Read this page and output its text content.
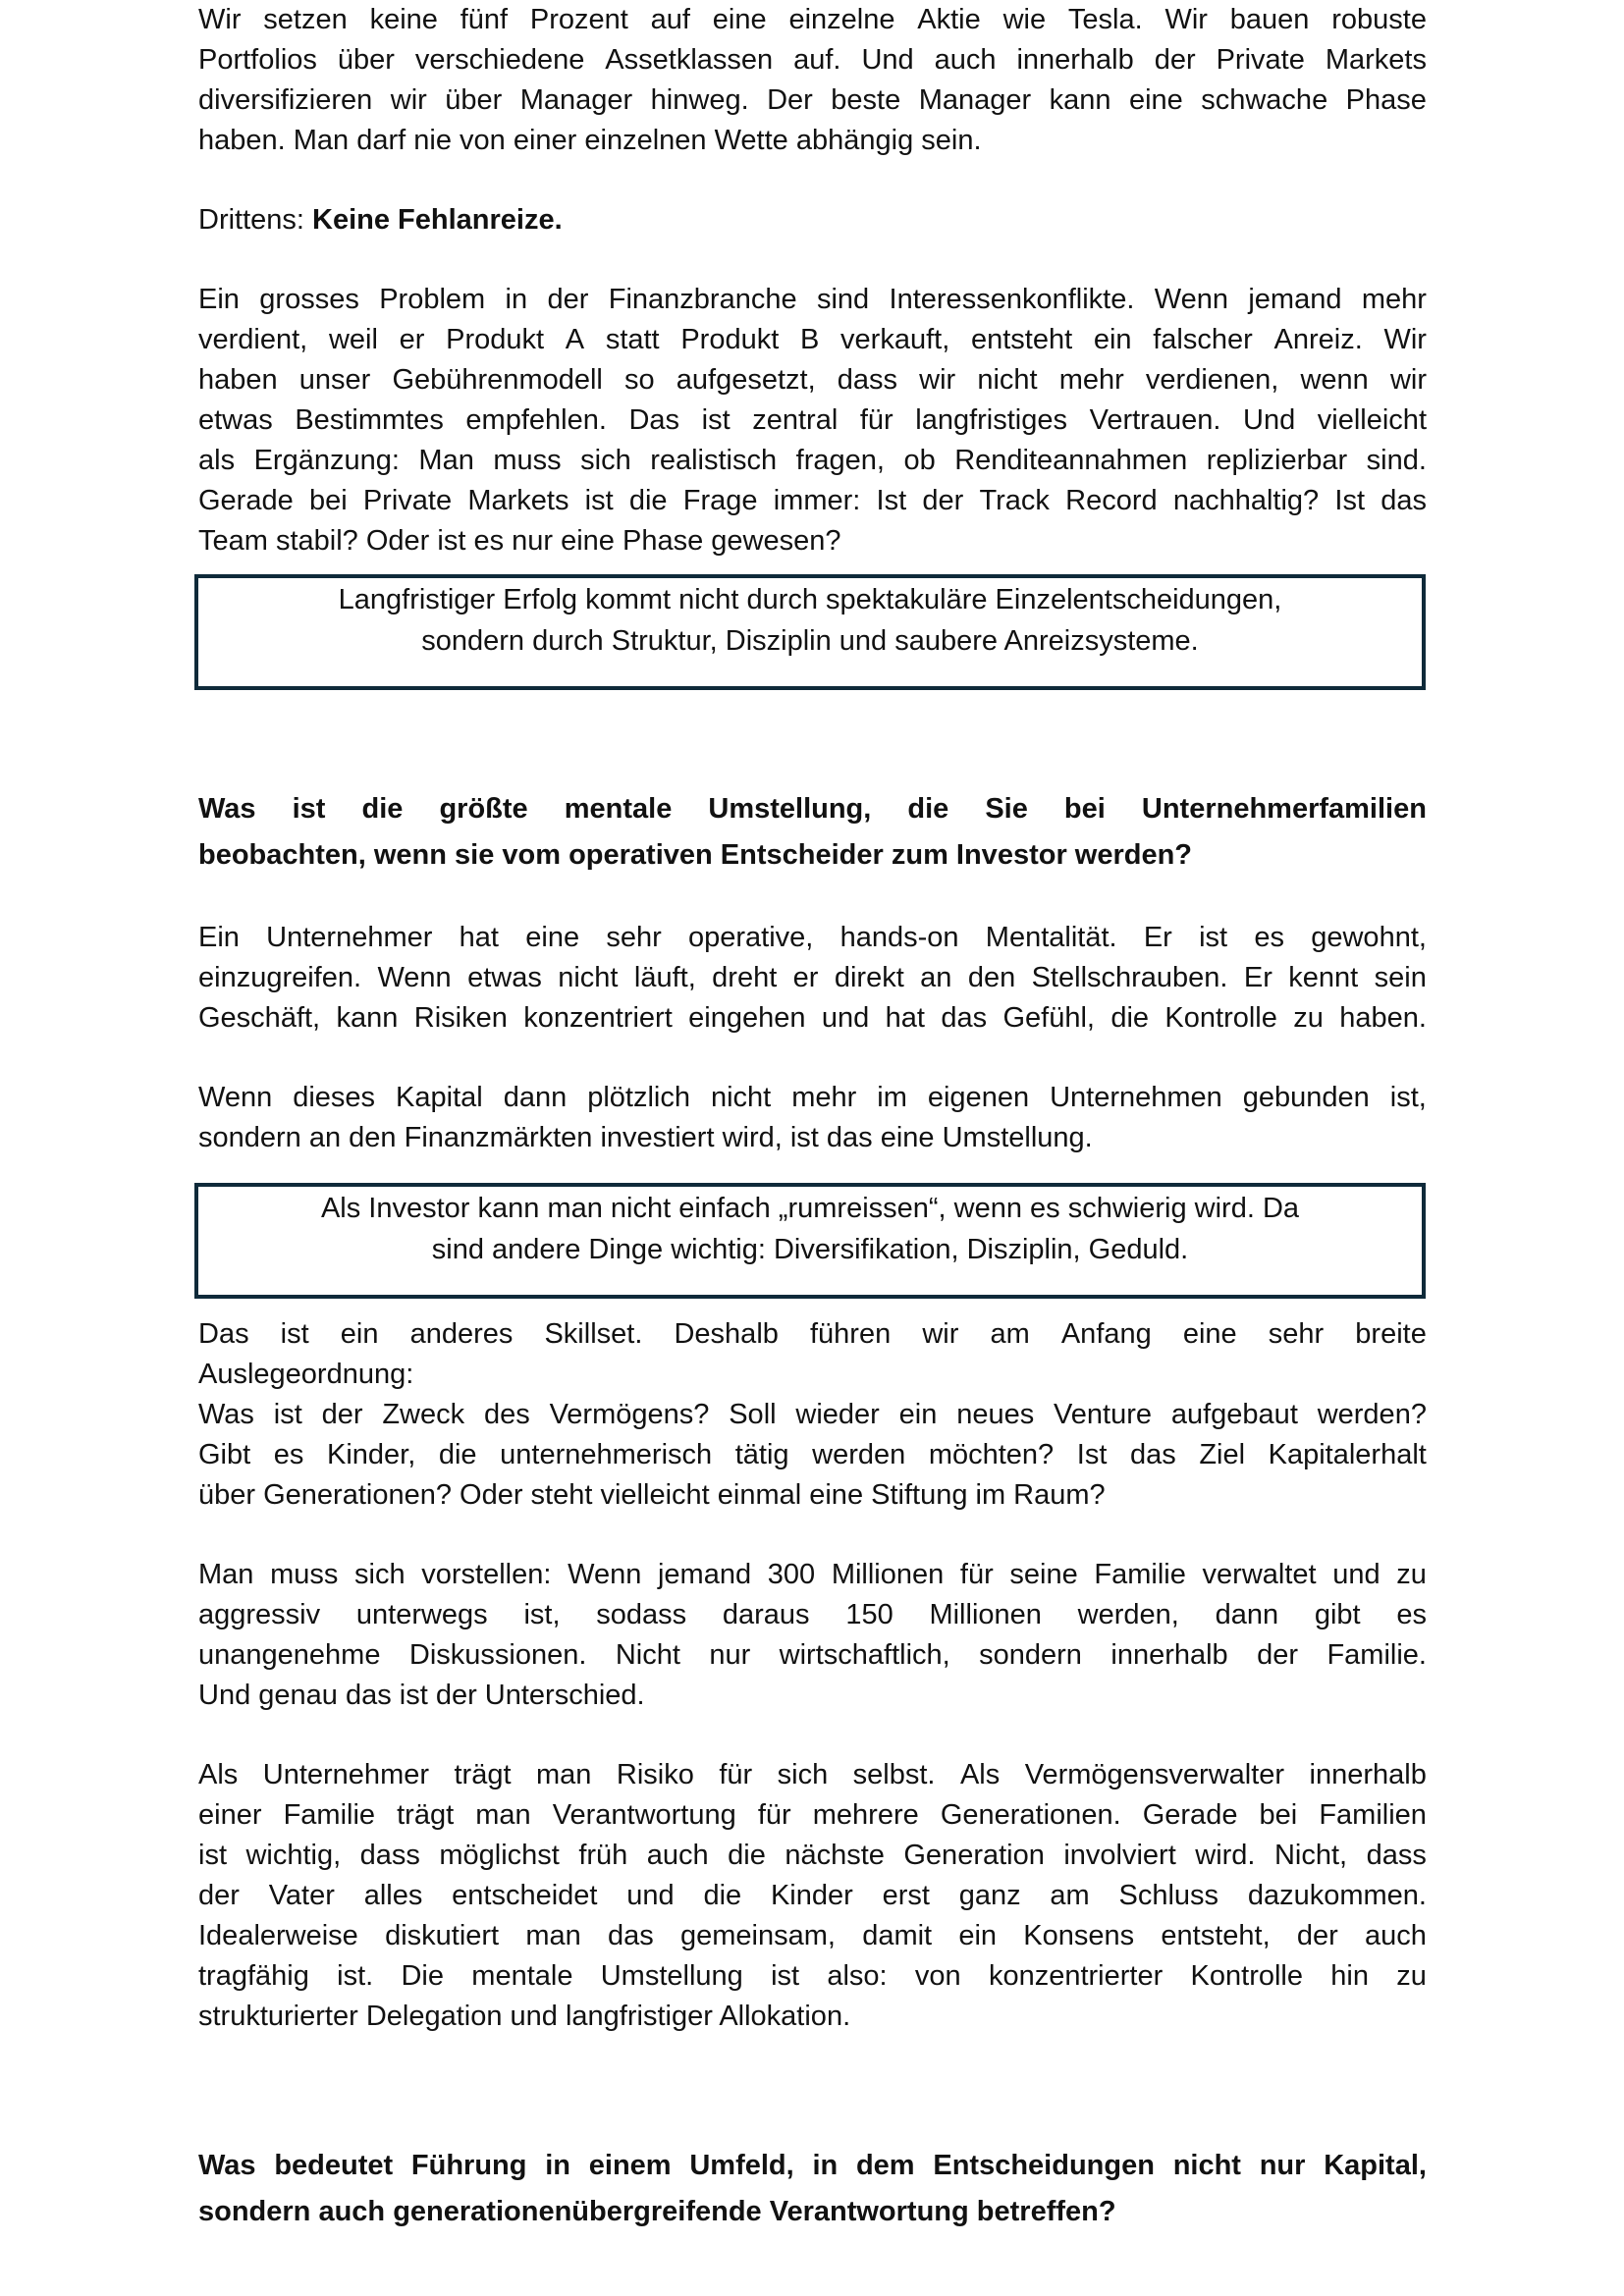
Wir setzen keine fünf Prozent auf eine einzelne Aktie wie Tesla. Wir bauen robuste
Portfolios über verschiedene Assetklassen auf. Und auch innerhalb der Private Markets
diversifizieren wir über Manager hinweg. Der beste Manager kann eine schwache Phase
haben. Man darf nie von einer einzelnen Wette abhängig sein.
Drittens: Keine Fehlanreize.
Ein grosses Problem in der Finanzbranche sind Interessenkonflikte. Wenn jemand mehr
verdient, weil er Produkt A statt Produkt B verkauft, entsteht ein falscher Anreiz. Wir
haben unser Gebührenmodell so aufgesetzt, dass wir nicht mehr verdienen, wenn wir
etwas Bestimmtes empfehlen. Das ist zentral für langfristiges Vertrauen. Und vielleicht
als Ergänzung: Man muss sich realistisch fragen, ob Renditeannahmen replizierbar sind.
Gerade bei Private Markets ist die Frage immer: Ist der Track Record nachhaltig? Ist das
Team stabil? Oder ist es nur eine Phase gewesen?
Langfristiger Erfolg kommt nicht durch spektakuläre Einzelentscheidungen,
sondern durch Struktur, Disziplin und saubere Anreizsysteme.
Was ist die größte mentale Umstellung, die Sie bei Unternehmerfamilien
beobachten, wenn sie vom operativen Entscheider zum Investor werden?
Ein Unternehmer hat eine sehr operative, hands-on Mentalität. Er ist es gewohnt,
einzugreifen. Wenn etwas nicht läuft, dreht er direkt an den Stellschrauben. Er kennt sein
Geschäft, kann Risiken konzentriert eingehen und hat das Gefühl, die Kontrolle zu haben.
Wenn dieses Kapital dann plötzlich nicht mehr im eigenen Unternehmen gebunden ist,
sondern an den Finanzmärkten investiert wird, ist das eine Umstellung.
Als Investor kann man nicht einfach „rumreissen“, wenn es schwierig wird. Da
sind andere Dinge wichtig: Diversifikation, Disziplin, Geduld.
Das ist ein anderes Skillset. Deshalb führen wir am Anfang eine sehr breite
Auslegeordnung:
Was ist der Zweck des Vermögens? Soll wieder ein neues Venture aufgebaut werden?
Gibt es Kinder, die unternehmerisch tätig werden möchten? Ist das Ziel Kapitalerhalt
über Generationen? Oder steht vielleicht einmal eine Stiftung im Raum?
Man muss sich vorstellen: Wenn jemand 300 Millionen für seine Familie verwaltet und zu
aggressiv unterwegs ist, sodass daraus 150 Millionen werden, dann gibt es
unangenehme Diskussionen. Nicht nur wirtschaftlich, sondern innerhalb der Familie.
Und genau das ist der Unterschied.
Als Unternehmer trägt man Risiko für sich selbst. Als Vermögensverwalter innerhalb
einer Familie trägt man Verantwortung für mehrere Generationen. Gerade bei Familien
ist wichtig, dass möglichst früh auch die nächste Generation involviert wird. Nicht, dass
der Vater alles entscheidet und die Kinder erst ganz am Schluss dazukommen.
Idealerweise diskutiert man das gemeinsam, damit ein Konsens entsteht, der auch
tragfähig ist. Die mentale Umstellung ist also: von konzentrierter Kontrolle hin zu
strukturierter Delegation und langfristiger Allokation.
Was bedeutet Führung in einem Umfeld, in dem Entscheidungen nicht nur Kapital,
sondern auch generationenübergreifende Verantwortung betreffen?
